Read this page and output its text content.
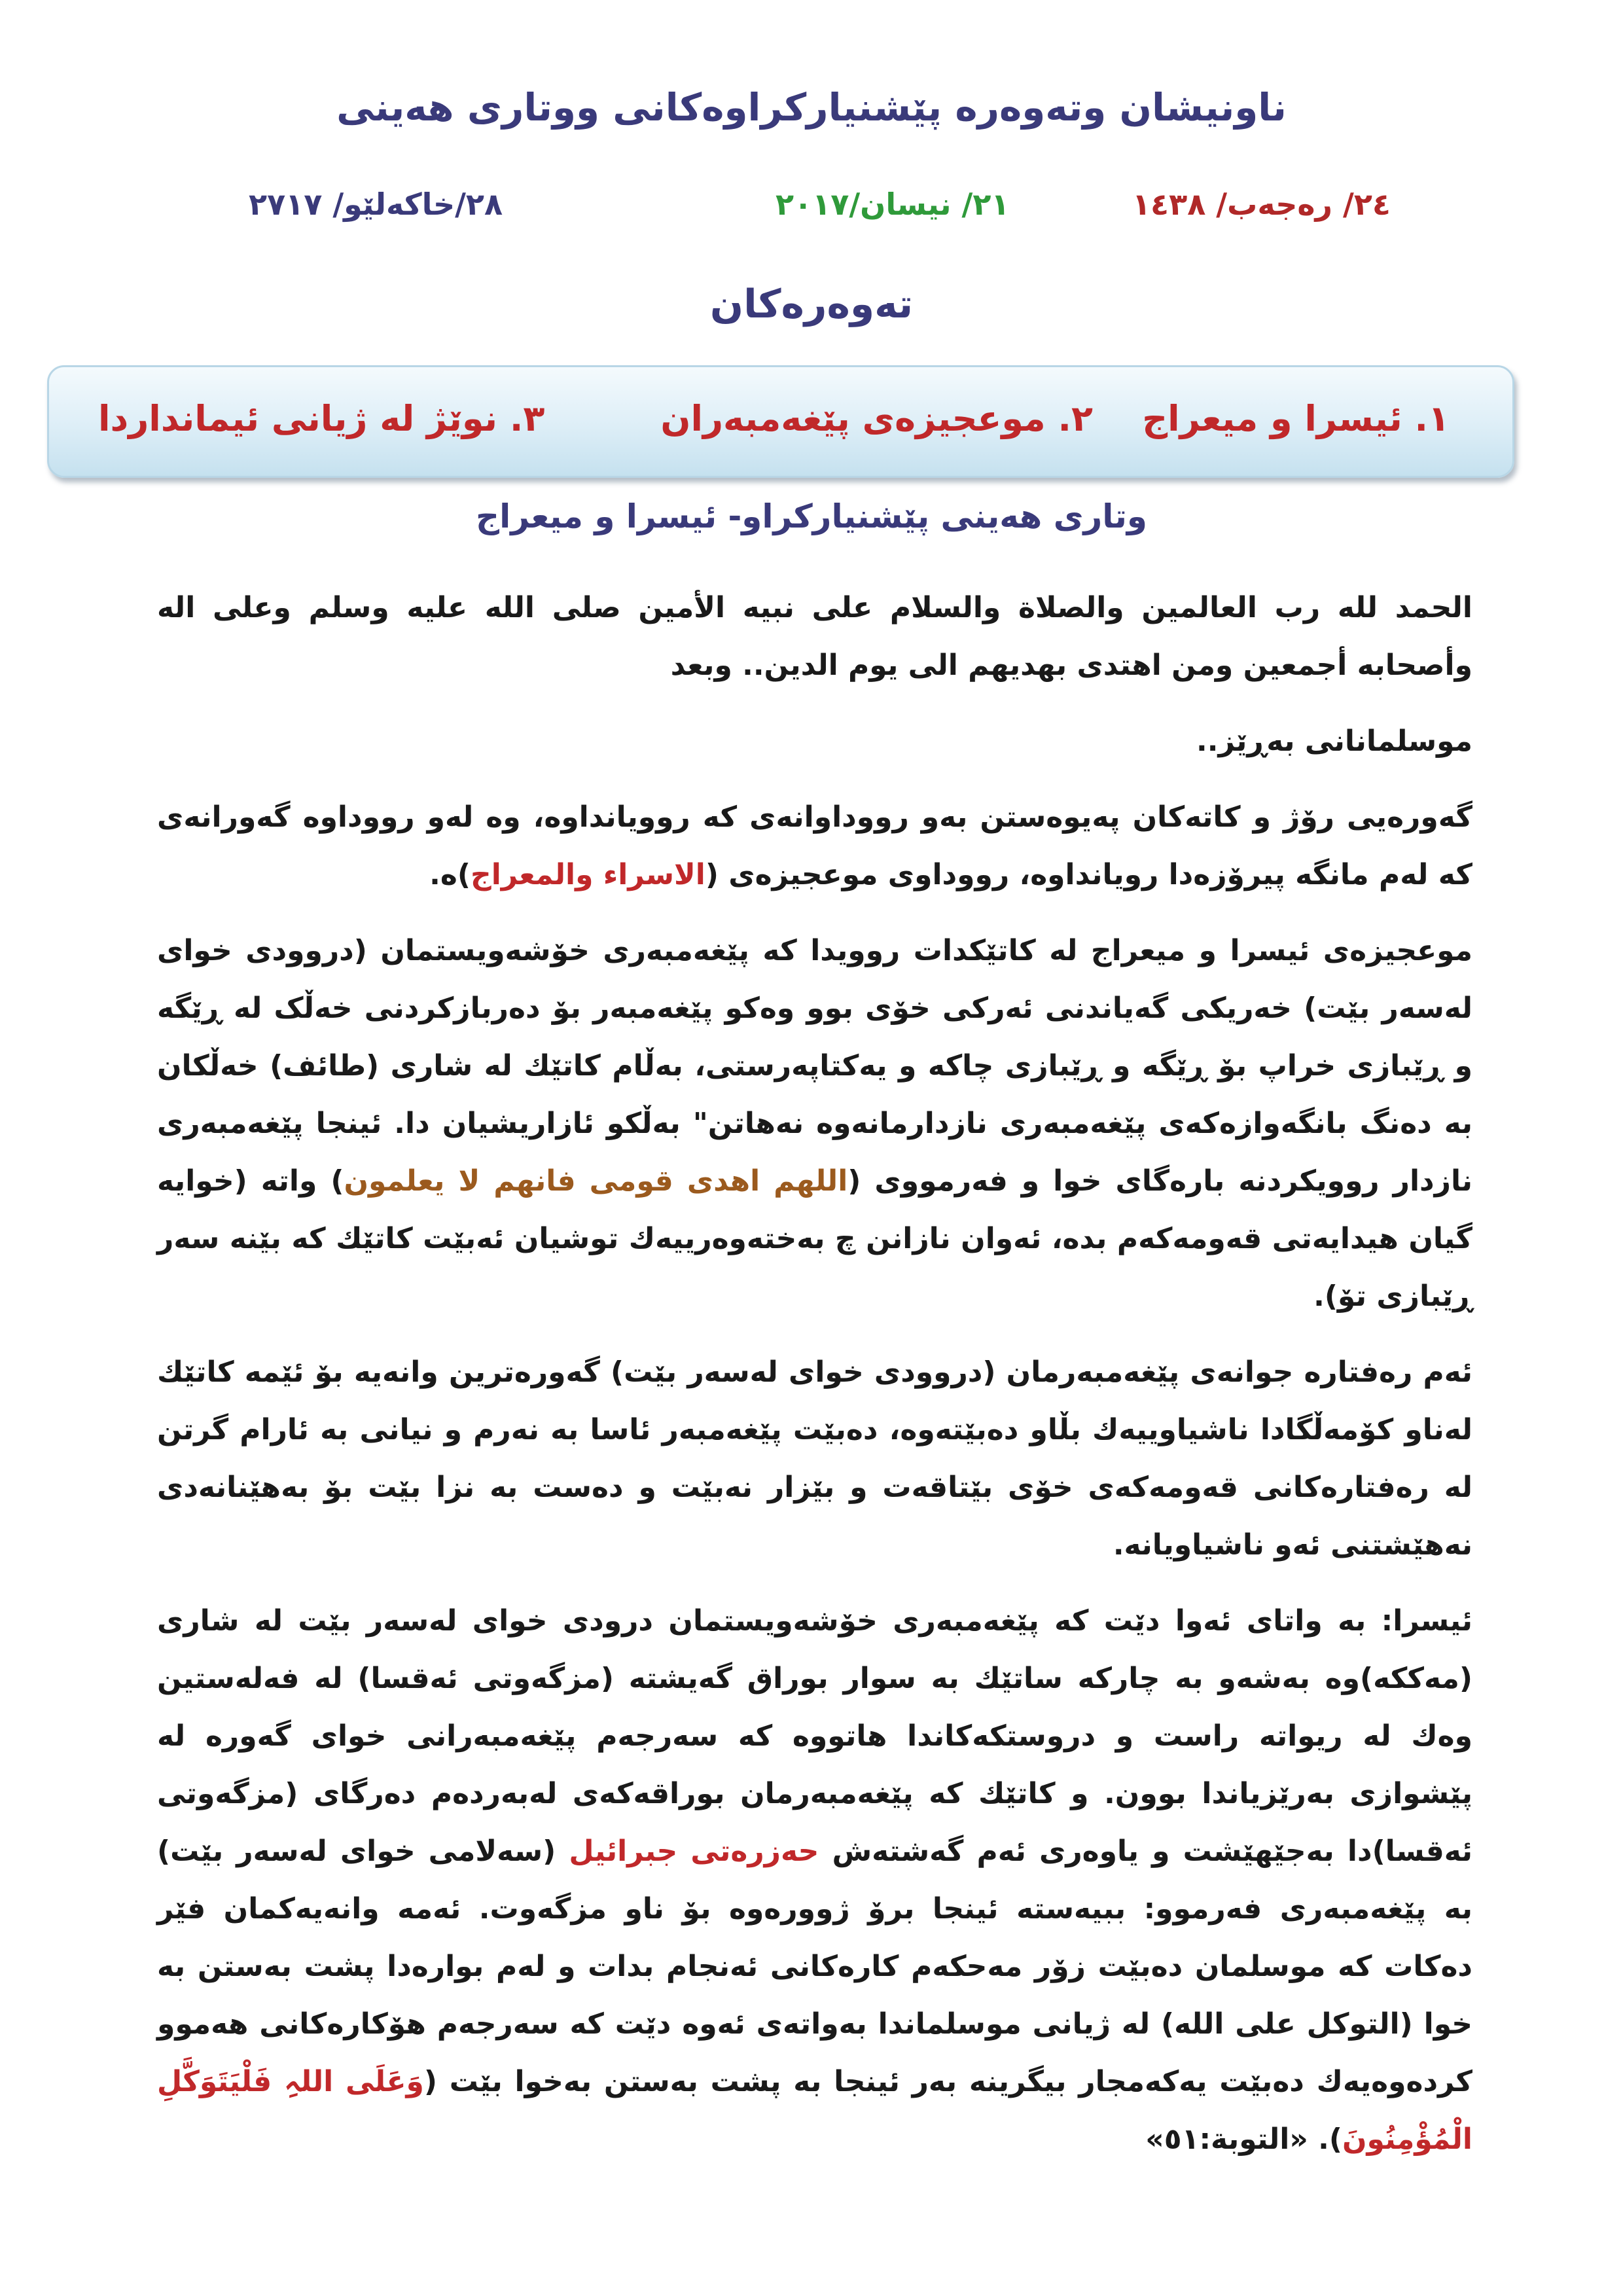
ناونیشان وتەوەرە پێشنیارکراوەکانی ووتاری هەینی
٢٤/ رەجەب/ ١٤٣٨
٢١/ نیسان/٢٠١٧
٢٨/خاکەلێو/ ٢٧١٧
تەوەرەکان
١. ئیسرا و میعراج
٢. موعجیزەی پێغەمبەران
٣. نوێژ لە ژیانی ئیمانداردا
وتاری هەینی پێشنیارکراو- ئیسرا و میعراج

الحمد لله رب العالمين والصلاة والسلام على نبيه الأمين صلى الله عليه وسلم وعلى اله وأصحابه أجمعين ومن اهتدى بهديهم الى يوم الدين.. وبعد

موسلمانانی بەڕێز..

گەورەیی رۆژ و کاتەکان پەیوەستن بەو رووداوانەی کە روویانداوە، وە لەو رووداوە گەورانەی کە لەم مانگە پیرۆزەدا رویانداوە، رووداوی موعجیزەی (الاسراء والمعراج)ە.

موعجیزەی ئیسرا و میعراج لە کاتێکدات روویدا کە پێغەمبەری خۆشەویستمان (دروودی خوای لەسەر بێت) خەریکی گەیاندنی ئەرکی خۆی بوو وەکو پێغەمبەر بۆ دەربازکردنی خەڵک لە ڕێگە و ڕێبازی خراپ بۆ ڕێگە و ڕێبازی چاکە و یەکتاپەرستی، بەڵام کاتێك لە شاری (طائف) خەڵکان بە دەنگ بانگەوازەکەی پێغەمبەری نازدارمانەوە نەهاتن" بەڵکو ئازاریشیان دا. ئینجا پێغەمبەری نازدار روویکردنە بارەگای خوا و فەرمووی (اللهم اهدى قومى فانهم لا يعلمون) واتە (خوایە گیان هیدایەتی قەومەکەم بدە، ئەوان نازانن چ بەختەوەرییەك توشیان ئەبێت کاتێك کە بێنە سەر ڕێبازی تۆ).

ئەم رەفتارە جوانەی پێغەمبەرمان (دروودی خوای لەسەر بێت) گەورەترین وانەیە بۆ ئێمە کاتێك لەناو کۆمەڵگادا ناشیاوییەك بڵاو دەبێتەوە، دەبێت پێغەمبەر ئاسا بە نەرم و نیانی بە ئارام گرتن لە رەفتارەکانی قەومەکەی خۆی بێتاقەت و بێزار نەبێت و دەست بە نزا بێت بۆ بەهێنانەدی نەهێشتنی ئەو ناشیاویانە.

ئیسرا: بە واتای ئەوا دێت کە پێغەمبەری خۆشەویستمان درودی خوای لەسەر بێت لە شاری (مەککە)وە بەشەو بە چارکە ساتێك بە سوار بوراق گەیشتە (مزگەوتی ئەقسا) لە فەلەستین وەك لە ریواتە راست و دروستکەکاندا هاتووە کە سەرجەم پێغەمبەرانی خوای گەورە لە پێشوازی بەرێزیاندا بوون. و کاتێك کە پێغەمبەرمان بوراقەکەی لەبەردەم دەرگای (مزگەوتی ئەقسا)دا بەجێهێشت و یاوەری ئەم گەشتەش حەزرەتی جبرائیل (سەلامی خوای لەسەر بێت) بە پێغەمبەری فەرموو: ببیەستە ئینجا برۆ ژوورەوە بۆ ناو مزگەوت. ئەمە وانەیەکمان فێر دەکات کە موسلمان دەبێت زۆر مەحکەم کارەکانی ئەنجام بدات و لەم بوارەدا پشت بەستن بە خوا (التوكل على الله) لە ژیانی موسلماندا بەواتەی ئەوە دێت کە سەرجەم هۆکارەکانی هەموو کردەوەیەك دەبێت یەکەمجار بیگرینە بەر ئینجا بە پشت بەستن بەخوا بێت (وَعَلَى اللہِ فَلْيَتَوَكَّلِ الْمُؤْمِنُونَ). «التوبة:٥١»
